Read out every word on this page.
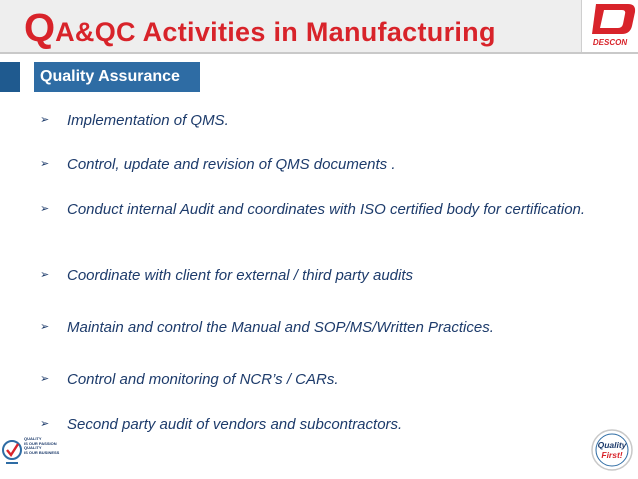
Q A&QC Activities in Manufacturing	DESCON
Quality Assurance
➢	Implementation of QMS.
➢	Control, update and revision of QMS documents .
➢	Conduct internal Audit and coordinates with ISO certified body for certification.
➢	Coordinate with client for external / third party audits
➢	Maintain and control the Manual and SOP/MS/Written Practices.
➢	Control and monitoring of NCR’s / CARs.
➢	Second party audit of vendors and subcontractors.
QUALITY
IS OUR PASSION
QUALITY
IS OUR BUSINESS
Quality
First!
